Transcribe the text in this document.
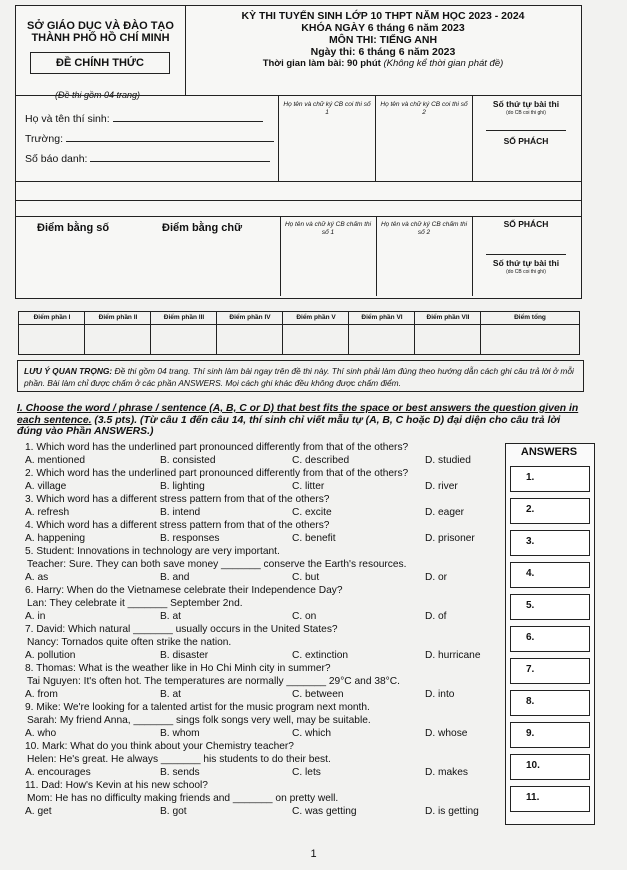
SỞ GIÁO DỤC VÀ ĐÀO TẠO
THÀNH PHỐ HỒ CHÍ MINH
ĐỀ CHÍNH THỨC
(Đề thi gồm 04 trang)
KỲ THI TUYỂN SINH LỚP 10 THPT NĂM HỌC 2023 - 2024
KHÓA NGÀY 6 tháng 6 năm 2023
MÔN THI: TIẾNG ANH
Ngày thi: 6 tháng 6 năm 2023
Thời gian làm bài: 90 phút (Không kể thời gian phát đề)
Họ và tên thí sinh:
Trường:
Số báo danh:
Họ tên và chữ ký CB coi thi số 1
Họ tên và chữ ký CB coi thi số 2
Số thứ tự bài thi
(do CB coi thi ghi)
SỐ PHÁCH
Điểm bằng số	Điểm bằng chữ	Họ tên và chữ ký CB chấm thi số 1
Họ tên và chữ ký CB chấm thi số 2
SỐ PHÁCH
Số thứ tự bài thi
(do CB coi thi ghi)
Điểm phần I	Điểm phần II	Điểm phần III	Điểm phần IV	Điểm phần V	Điểm phần VI	Điểm phần VII	Điểm tổng
LƯU Ý QUAN TRỌNG: Đề thi gồm 04 trang. Thí sinh làm bài ngay trên đề thi này. Thí sinh phải làm đúng theo hướng dẫn cách ghi câu trả lời ở mỗi phần. Bài làm chỉ được chấm ở các phần ANSWERS. Mọi cách ghi khác đều không được chấm điểm.
I. Choose the word / phrase / sentence (A, B, C or D) that best fits the space or best answers the question given in each sentence. (3.5 pts). (Từ câu 1 đến câu 14, thí sinh chỉ viết mẫu tự (A, B, C hoặc D) đại diện cho câu trả lời đúng vào Phần ANSWERS.)
ANSWERS
1.
2.
3.
4.
5.
6.
7.
8.
9.
10.
11.
1. Which word has the underlined part pronounced differently from that of the others?
A. mentioned	B. consisted	C. described	D. studied
2. Which word has the underlined part pronounced differently from that of the others?
A. village	B. lighting	C. litter	D. river
3. Which word has a different stress pattern from that of the others?
A. refresh	B. intend	C. excite	D. eager
4. Which word has a different stress pattern from that of the others?
A. happening	B. responses	C. benefit	D. prisoner
5. Student: Innovations in technology are very important.
Teacher: Sure. They can both save money _______ conserve the Earth's resources.
A. as	B. and	C. but	D. or
6. Harry: When do the Vietnamese celebrate their Independence Day?
Lan: They celebrate it _______ September 2nd.
A. in	B. at	C. on	D. of
7. David: Which natural _______ usually occurs in the United States?
Nancy: Tornados quite often strike the nation.
A. pollution	B. disaster	C. extinction	D. hurricane
8. Thomas: What is the weather like in Ho Chi Minh city in summer?
Tai Nguyen: It's often hot. The temperatures are normally _______ 29°C and 38°C.
A. from	B. at	C. between	D. into
9. Mike: We're looking for a talented artist for the music program next month.
Sarah: My friend Anna, _______ sings folk songs very well, may be suitable.
A. who	B. whom	C. which	D. whose
10. Mark: What do you think about your Chemistry teacher?
Helen: He's great. He always _______ his students to do their best.
A. encourages	B. sends	C. lets	D. makes
11. Dad: How's Kevin at his new school?
Mom: He has no difficulty making friends and _______ on pretty well.
A. get	B. got	C. was getting	D. is getting
1
